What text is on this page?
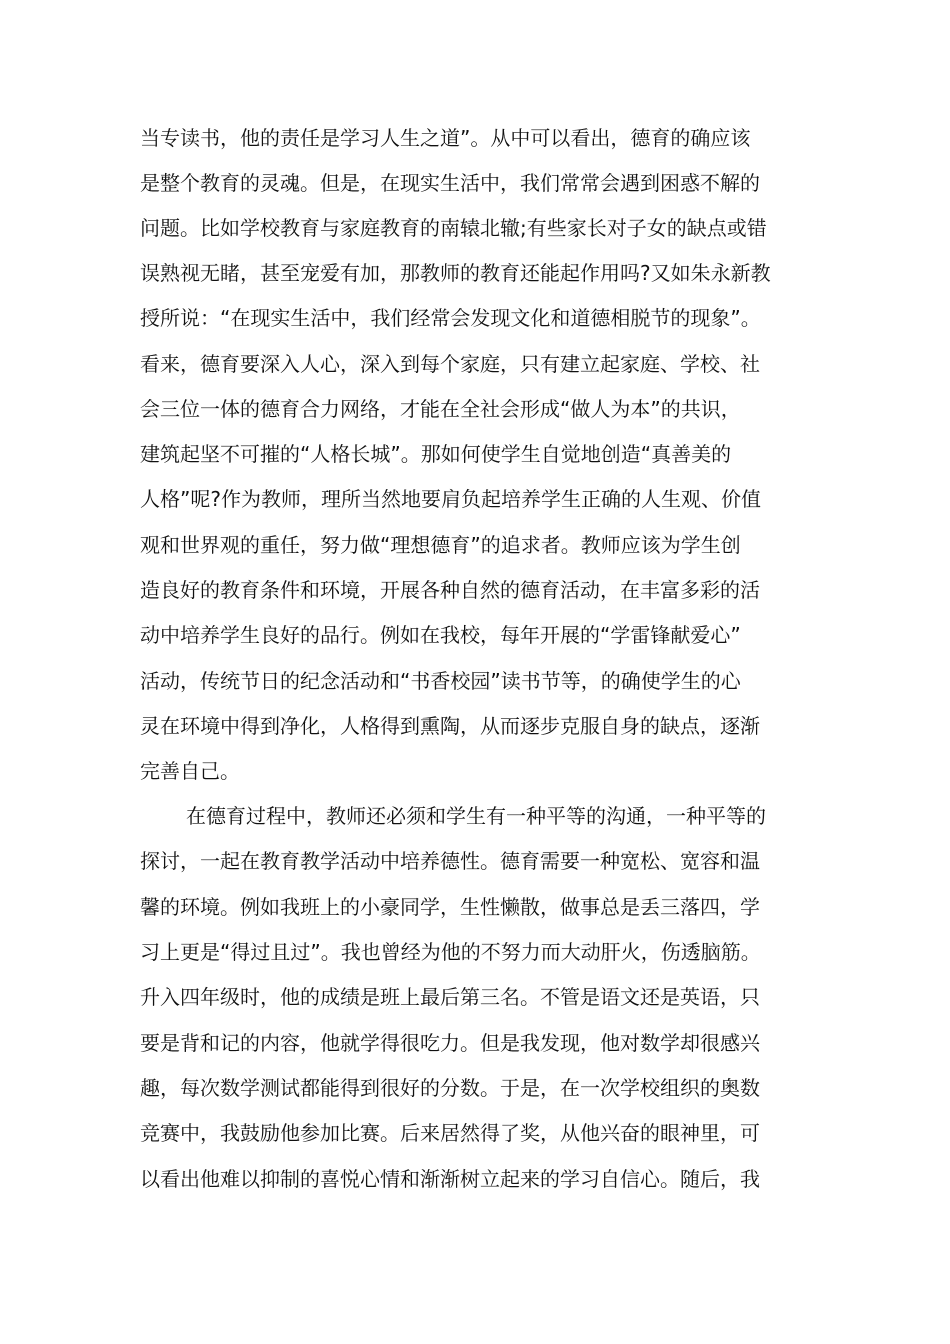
当专读书，他的责任是学习人生之道”。从中可以看出，德育的确应该
是整个教育的灵魂。但是，在现实生活中，我们常常会遇到困惑不解的
问题。比如学校教育与家庭教育的南辕北辙;有些家长对子女的缺点或错
误熟视无睹，甚至宠爱有加，那教师的教育还能起作用吗?又如朱永新教
授所说：“在现实生活中，我们经常会发现文化和道德相脱节的现象”。
看来，德育要深入人心，深入到每个家庭，只有建立起家庭、学校、社
会三位一体的德育合力网络，才能在全社会形成“做人为本”的共识，
建筑起坚不可摧的“人格长城”。那如何使学生自觉地创造“真善美的
人格”呢?作为教师，理所当然地要肩负起培养学生正确的人生观、价值
观和世界观的重任，努力做“理想德育”的追求者。教师应该为学生创
造良好的教育条件和环境，开展各种自然的德育活动，在丰富多彩的活
动中培养学生良好的品行。例如在我校，每年开展的“学雷锋献爱心”
活动，传统节日的纪念活动和“书香校园”读书节等，的确使学生的心
灵在环境中得到净化，人格得到熏陶，从而逐步克服自身的缺点，逐渐
完善自己。
在德育过程中，教师还必须和学生有一种平等的沟通，一种平等的
探讨，一起在教育教学活动中培养德性。德育需要一种宽松、宽容和温
馨的环境。例如我班上的小豪同学，生性懒散，做事总是丢三落四，学
习上更是“得过且过”。我也曾经为他的不努力而大动肝火，伤透脑筋。
升入四年级时，他的成绩是班上最后第三名。不管是语文还是英语，只
要是背和记的内容，他就学得很吃力。但是我发现，他对数学却很感兴
趣，每次数学测试都能得到很好的分数。于是，在一次学校组织的奥数
竞赛中，我鼓励他参加比赛。后来居然得了奖，从他兴奋的眼神里，可
以看出他难以抑制的喜悦心情和渐渐树立起来的学习自信心。随后，我
